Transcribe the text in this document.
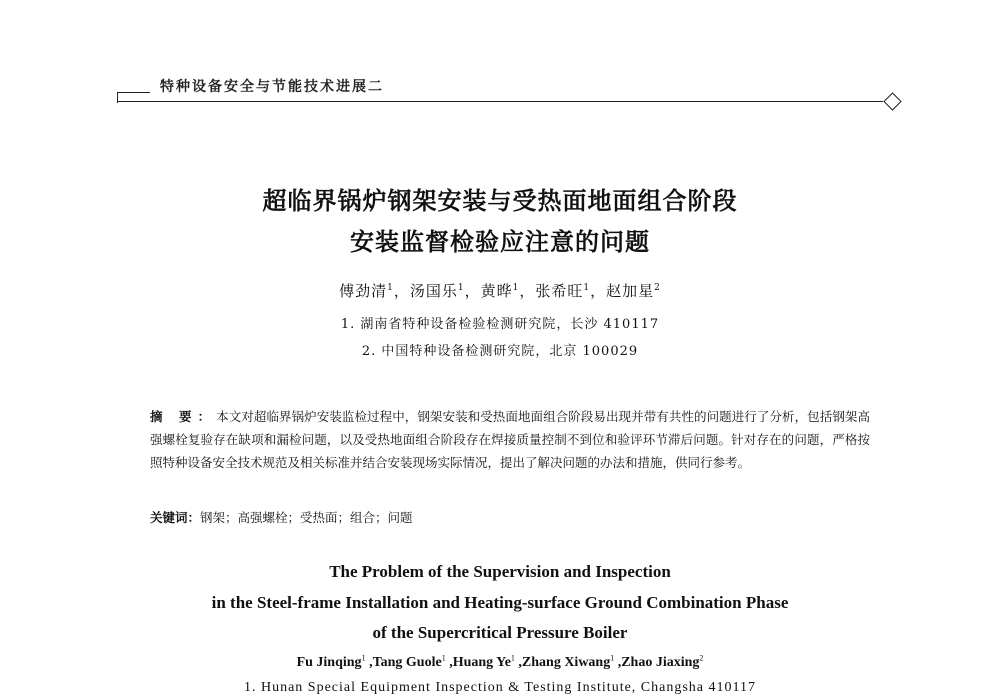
特种设备安全与节能技术进展二
超临界锅炉钢架安装与受热面地面组合阶段
安装监督检验应注意的问题
傅劲清$^1$，汤国乐$^1$，黄晔$^1$，张希旺$^1$，赵加星$^2$
1. 湖南省特种设备检验检测研究院，长沙 410117
2. 中国特种设备检测研究院，北京 100029
摘 要：本文对超临界锅炉安装监检过程中，钢架安装和受热面地面组合阶段易出现并带有共性的问题进行了分析，包括钢架高强螺栓复验存在缺项和漏检问题，以及受热地面组合阶段存在焊接质量控制不到位和验评环节滞后问题。针对存在的问题，严格按照特种设备安全技术规范及相关标准并结合安装现场实际情况，提出了解决问题的办法和措施，供同行参考。
关键词：钢架；高强螺栓；受热面；组合；问题
The Problem of the Supervision and Inspection
in the Steel-frame Installation and Heating-surface Ground Combination Phase
of the Supercritical Pressure Boiler
Fu Jinqing$^1$ ,Tang Guole$^1$ ,Huang Ye$^1$ ,Zhang Xiwang$^1$ ,Zhao Jiaxing$^2$
1. Hunan Special Equipment Inspection & Testing Institute, Changsha 410117
